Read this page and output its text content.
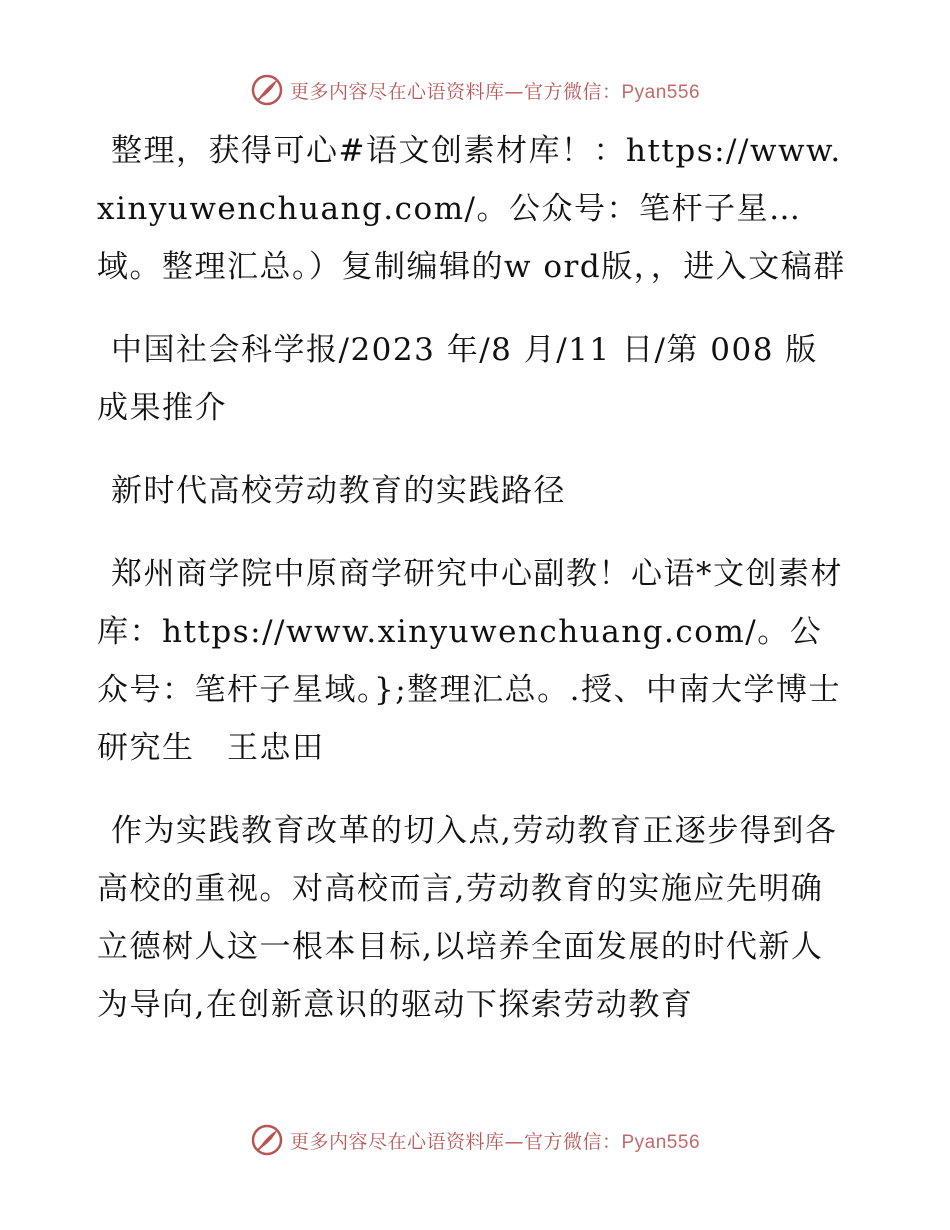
更多内容尽在心语资料库—官方微信：Pyan556

整理，获得可心#语文创素材库！：https://www.xinyuwenchuang.com/。公众号：笔杆子星…域。整理汇总。）复制编辑的w ord版，，进入文稿群

中国社会科学报/2023 年/8 月/11 日/第 008 版成果推介

新时代高校劳动教育的实践路径

郑州商学院中原商学研究中心副教！心语*文创素材库：https://www.xinyuwenchuang.com/。公众号：笔杆子星域。};整理汇总。.授、中南大学博士研究生　王忠田

作为实践教育改革的切入点,劳动教育正逐步得到各高校的重视。对高校而言,劳动教育的实施应先明确立德树人这一根本目标,以培养全面发展的时代新人为导向,在创新意识的驱动下探索劳动教育

更多内容尽在心语资料库—官方微信：Pyan556
